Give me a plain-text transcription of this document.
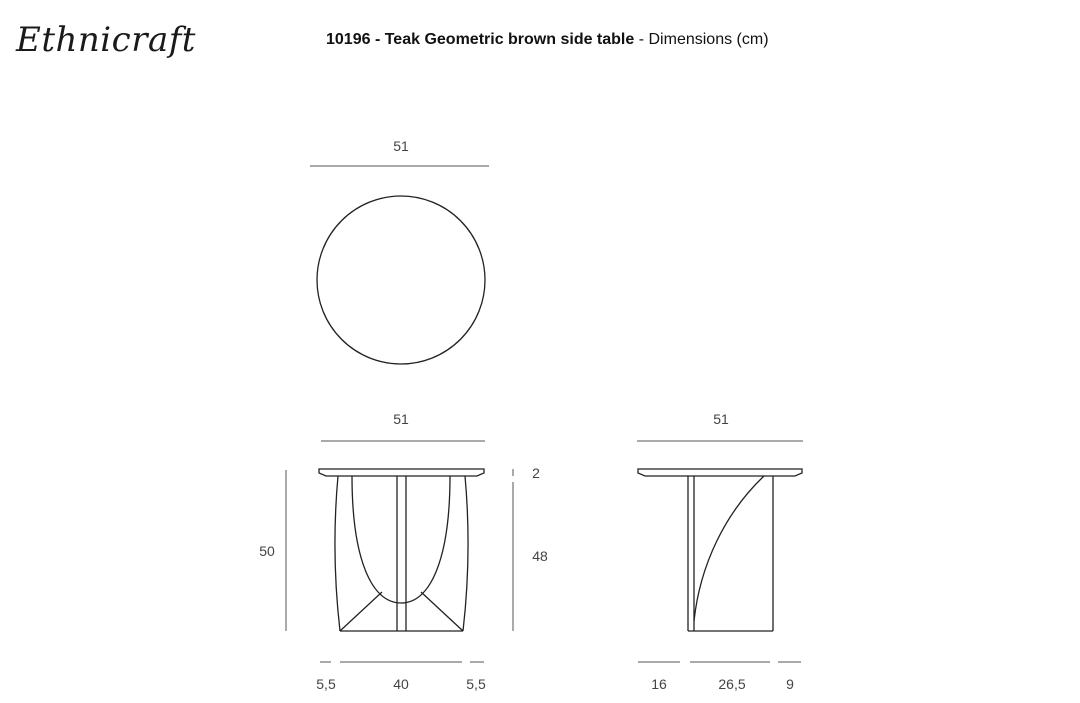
Ethnicraft	10196 - Teak Geometric brown side table - Dimensions (cm)
51
51
50
2
48
5,5	40	5,5
51
16	26,5	9
